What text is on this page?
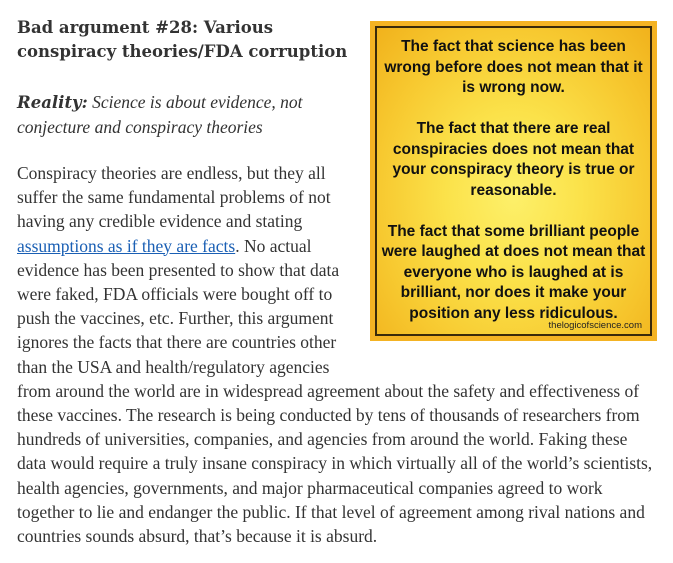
Bad argument #28: Various conspiracy theories/FDA corruption

Reality: Science is about evidence, not conjecture and conspiracy theories

Conspiracy theories are endless, but they all suffer the same fundamental problems of not having any credible evidence and stating assumptions as if they are facts. No actual evidence has been presented to show that data were faked, FDA officials were bought off to push the vaccines, etc. Further, this argument ignores the facts that there are countries other than the USA and health/regulatory agencies from around the world are in widespread agreement about the safety and effectiveness of these vaccines. The research is being conducted by tens of thousands of researchers from hundreds of universities, companies, and agencies from around the world. Faking these data would require a truly insane conspiracy in which virtually all of the world’s scientists, health agencies, governments, and major pharmaceutical companies agreed to work together to lie and endanger the public. If that level of agreement among rival nations and countries sounds absurd, that’s because it is absurd.

The fact that science has been wrong before does not mean that it is wrong now.

The fact that there are real conspiracies does not mean that your conspiracy theory is true or reasonable.

The fact that some brilliant people were laughed at does not mean that everyone who is laughed at is brilliant, nor does it make your position any less ridiculous.

thelogicofscience.com
